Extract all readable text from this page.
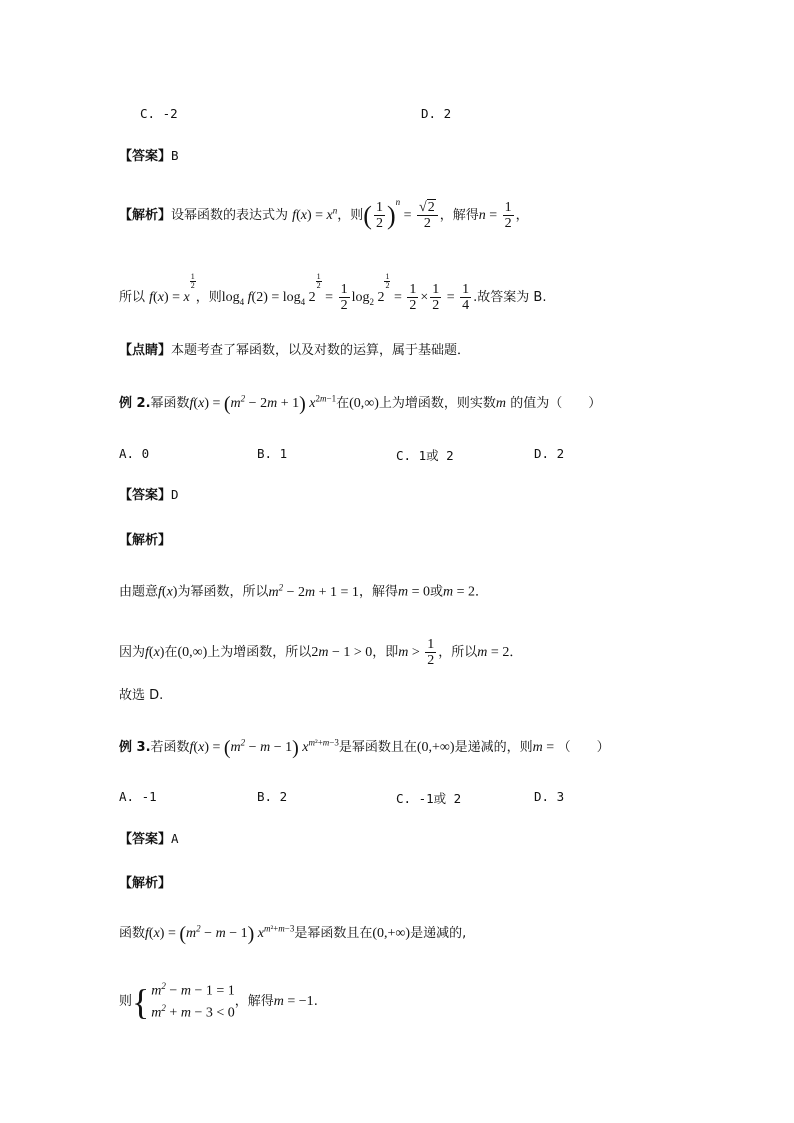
C. -2	D. 2
【答案】B
【解析】设幂函数的表达式为 $f(x) = x^n$，则( $\frac{1}{2} )^n = \frac{√2}{2}$ ，解得$n = \frac{1}{2}$ ，
所以 f(x) = x
$\frac{1}{2}$
，则$\log_4 f(2) = \log_4 2$
$\frac{1}{2}$
= $\frac{1}{2} \log_2 2$
$\frac{1}{2}$
= $\frac{1}{2} \times \frac{1}{2} = \frac{1}{4}$ .故答案为 B.
【点睛】本题考查了幂函数，以及对数的运算，属于基础题．
例 2.幂函数$f(x) = (m^2 - 2m + 1)$ $x^{2m-1}$在(0,∞)上为增函数，则实数m 的值为（　　）
A. 0	B. 1	C. 1或 2	D. 2
【答案】D
【解析】
由题意f(x)为幂函数，所以$m^2 - 2m + 1 = 1$，解得m = 0或m = 2．
因为f(x)在(0,∞)上为增函数，所以2m − 1 > 0，即$m > \frac{1}{2}$ ，所以m = 2．
故选 D.
例 3.若函数$f(x) = (m^2 - m - 1)$ $x^{m^2+m-3}$是幂函数且在(0,+∞)是递减的，则m = （　　）
A. -1	B. 2	C. -1或 2	D. 3
【答案】A
【解析】
函数$f(x) = (m^2 - m - 1)$ $x^{m^2+m-3}$是幂函数且在(0,+∞)是递减的,
则 { $m^2 - m - 1 = 1$
$m^2 + m - 3 < 0$
，解得m = −1.
